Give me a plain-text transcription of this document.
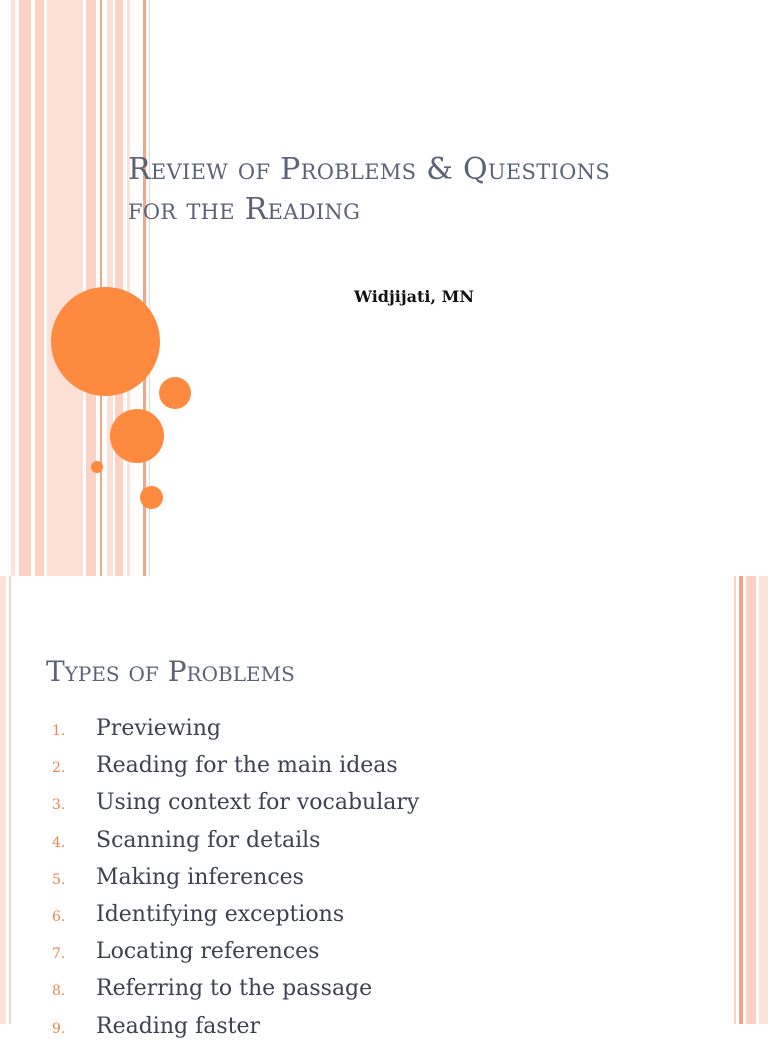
Review of Problems & Questions
for the Reading
Widjijati, MN
Types of Problems
1.	Previewing
2.	Reading for the main ideas
3.	Using context for vocabulary
4.	Scanning for details
5.	Making inferences
6.	Identifying exceptions
7.	Locating references
8.	Referring to the passage
9.	Reading faster
